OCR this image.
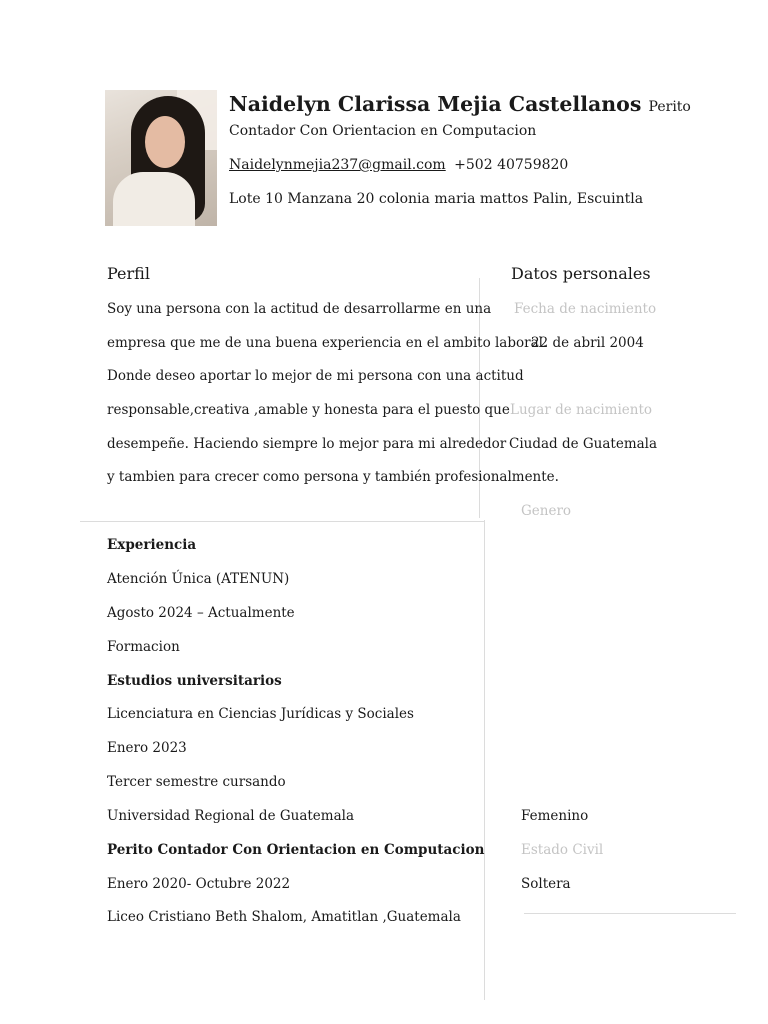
Naidelyn Clarissa Mejia Castellanos Perito
Contador Con Orientacion en Computacion
Naidelynmejia237@gmail.com +502 40759820
Lote 10 Manzana 20 colonia maria mattos Palin, Escuintla
Perfil
Soy una persona con la actitud de desarrollarme en una
empresa que me de una buena experiencia en el ambito laboral.
Donde deseo aportar lo mejor de mi persona con una actitud
responsable,creativa ,amable y honesta para el puesto que
desempeñe. Haciendo siempre lo mejor para mi alrededor
y tambien para crecer como persona y también profesionalmente.
Datos personales
Fecha de nacimiento
22 de abril 2004
Lugar de nacimiento
Ciudad de Guatemala
Genero
Femenino
Estado Civil
Soltera
Experiencia
Atención Única (ATENUN)
Agosto 2024 – Actualmente
Formacion
Estudios universitarios
Licenciatura en Ciencias Jurídicas y Sociales
Enero 2023
Tercer semestre cursando
Universidad Regional de Guatemala
Perito Contador Con Orientacion en Computacion
Enero 2020- Octubre 2022
Liceo Cristiano Beth Shalom, Amatitlan ,Guatemala
